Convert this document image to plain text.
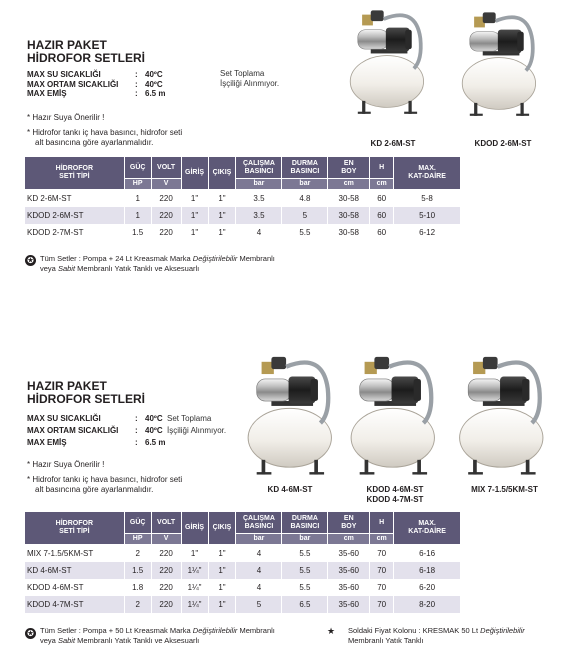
HAZIR PAKET
HİDROFOR SETLERİ
MAX SU SICAKLIĞI	: 40ºC
MAX ORTAM SICAKLIĞI : 40ºC
MAX EMİŞ	: 6.5 m
Set Toplama
İşçiliği Alınmıyor.
* Hazır Suya Önerilir !
* Hidrofor tankı iç hava basıncı, hidrofor seti
alt basıncına göre ayarlanmalıdır.	KD 2-6M-ST	KDOD 2-6M-ST
HİDROFOR
SETİ TİPİ	GÜÇ	VOLT	GİRİŞ	ÇIKIŞ	ÇALIŞMA
BASINCI	DURMA
BASINCI	EN
BOY	H	MAX.
KAT-DAİRE
	HP	V			bar	bar	cm	cm	
KD 2-6M-ST	1	220	1"	1"	3.5	4.8	30-58	60	5-8
KDOD 2-6M-ST	1	220	1"	1"	3.5	5	30-58	60	5-10
KDOD 2-7M-ST	1.5	220	1"	1"	4	5.5	30-58	60	6-12
✪ Tüm Setler : Pompa + 24 Lt Kreasmak Marka Değiştirilebilir Membranlı
veya Sabit Membranlı Yatık Tanklı ve Aksesuarlı
HAZIR PAKET
HİDROFOR SETLERİ
MAX SU SICAKLIĞI	: 40ºC
MAX ORTAM SICAKLIĞI : 40ºC
MAX EMİŞ	: 6.5 m
Set Toplama
İşçiliği Alınmıyor.
* Hazır Suya Önerilir !
* Hidrofor tankı iç hava basıncı, hidrofor seti
alt basıncına göre ayarlanmalıdır.	KD 4-6M-ST	KDOD 4-6M-ST
KDOD 4-7M-ST
MIX 7-1.5/5KM-ST
HİDROFOR
SETİ TİPİ	GÜÇ	VOLT	GİRİŞ	ÇIKIŞ	ÇALIŞMA
BASINCI	DURMA
BASINCI	EN
BOY	H	MAX.
KAT-DAİRE
	HP	V			bar	bar	cm	cm	
MIX 7-1.5/5KM-ST	2	220	1"	1"	4	5.5	35-60	70	6-16
KD 4-6M-ST	1.5	220	1¼"	1"	4	5.5	35-60	70	6-18
KDOD 4-6M-ST	1.8	220	1¼"	1"	4	5.5	35-60	70	6-20
KDOD 4-7M-ST	2	220	1¼"	1"	5	6.5	35-60	70	8-20
✪ Tüm Setler : Pompa + 50 Lt Kreasmak Marka Değiştirilebilir Membranlı
veya Sabit Membranlı Yatık Tanklı ve Aksesuarlı
★ Soldaki Fiyat Kolonu : KRESMAK 50 Lt Değiştirilebilir
Membranlı Yatık Tanklı
